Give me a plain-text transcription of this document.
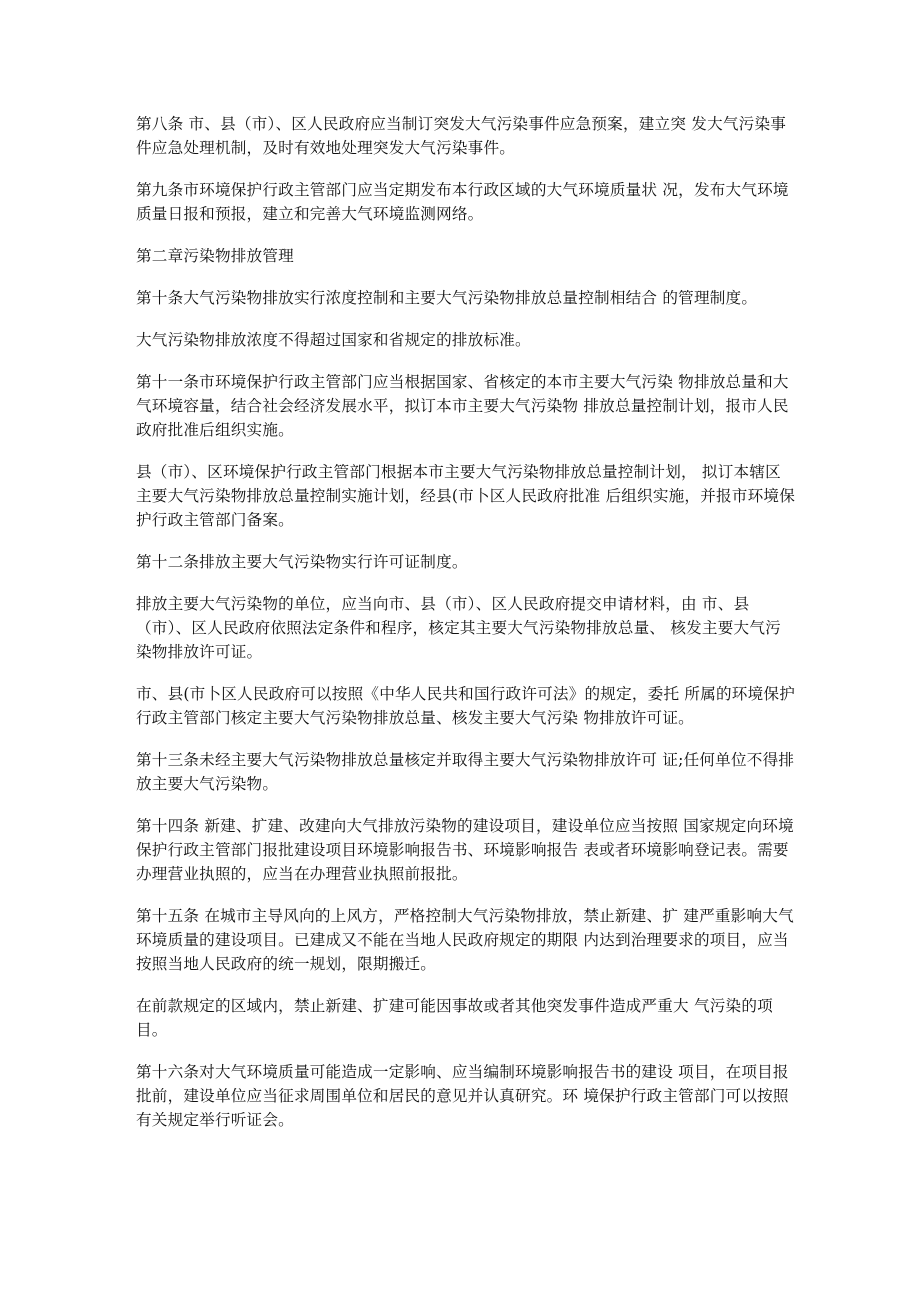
第八条 市、县（市）、区人民政府应当制订突发大气污染事件应急预案，建立突 发大气污染事件应急处理机制，及时有效地处理突发大气污染事件。

第九条市环境保护行政主管部门应当定期发布本行政区域的大气环境质量状 况，发布大气环境质量日报和预报，建立和完善大气环境监测网络。

第二章污染物排放管理

第十条大气污染物排放实行浓度控制和主要大气污染物排放总量控制相结合 的管理制度。

大气污染物排放浓度不得超过国家和省规定的排放标准。

第十一条市环境保护行政主管部门应当根据国家、省核定的本市主要大气污染 物排放总量和大气环境容量，结合社会经济发展水平，拟订本市主要大气污染物 排放总量控制计划，报市人民政府批准后组织实施。

县（市）、区环境保护行政主管部门根据本市主要大气污染物排放总量控制计划， 拟订本辖区主要大气污染物排放总量控制实施计划，经县(市卜区人民政府批准 后组织实施，并报市环境保护行政主管部门备案。

第十二条排放主要大气污染物实行许可证制度。

排放主要大气污染物的单位，应当向市、县（市）、区人民政府提交申请材料，由 市、县（市）、区人民政府依照法定条件和程序，核定其主要大气污染物排放总量、 核发主要大气污染物排放许可证。

市、县(市卜区人民政府可以按照《中华人民共和国行政许可法》的规定，委托 所属的环境保护行政主管部门核定主要大气污染物排放总量、核发主要大气污染 物排放许可证。

第十三条未经主要大气污染物排放总量核定并取得主要大气污染物排放许可 证;任何单位不得排放主要大气污染物。

第十四条 新建、扩建、改建向大气排放污染物的建设项目，建设单位应当按照 国家规定向环境保护行政主管部门报批建设项目环境影响报告书、环境影响报告 表或者环境影响登记表。需要办理营业执照的，应当在办理营业执照前报批。

第十五条 在城市主导风向的上风方，严格控制大气污染物排放，禁止新建、扩 建严重影响大气环境质量的建设项目。已建成又不能在当地人民政府规定的期限 内达到治理要求的项目，应当按照当地人民政府的统一规划，限期搬迁。

在前款规定的区域内，禁止新建、扩建可能因事故或者其他突发事件造成严重大 气污染的项目。

第十六条对大气环境质量可能造成一定影响、应当编制环境影响报告书的建设 项目，在项目报批前，建设单位应当征求周围单位和居民的意见并认真研究。环 境保护行政主管部门可以按照有关规定举行听证会。
